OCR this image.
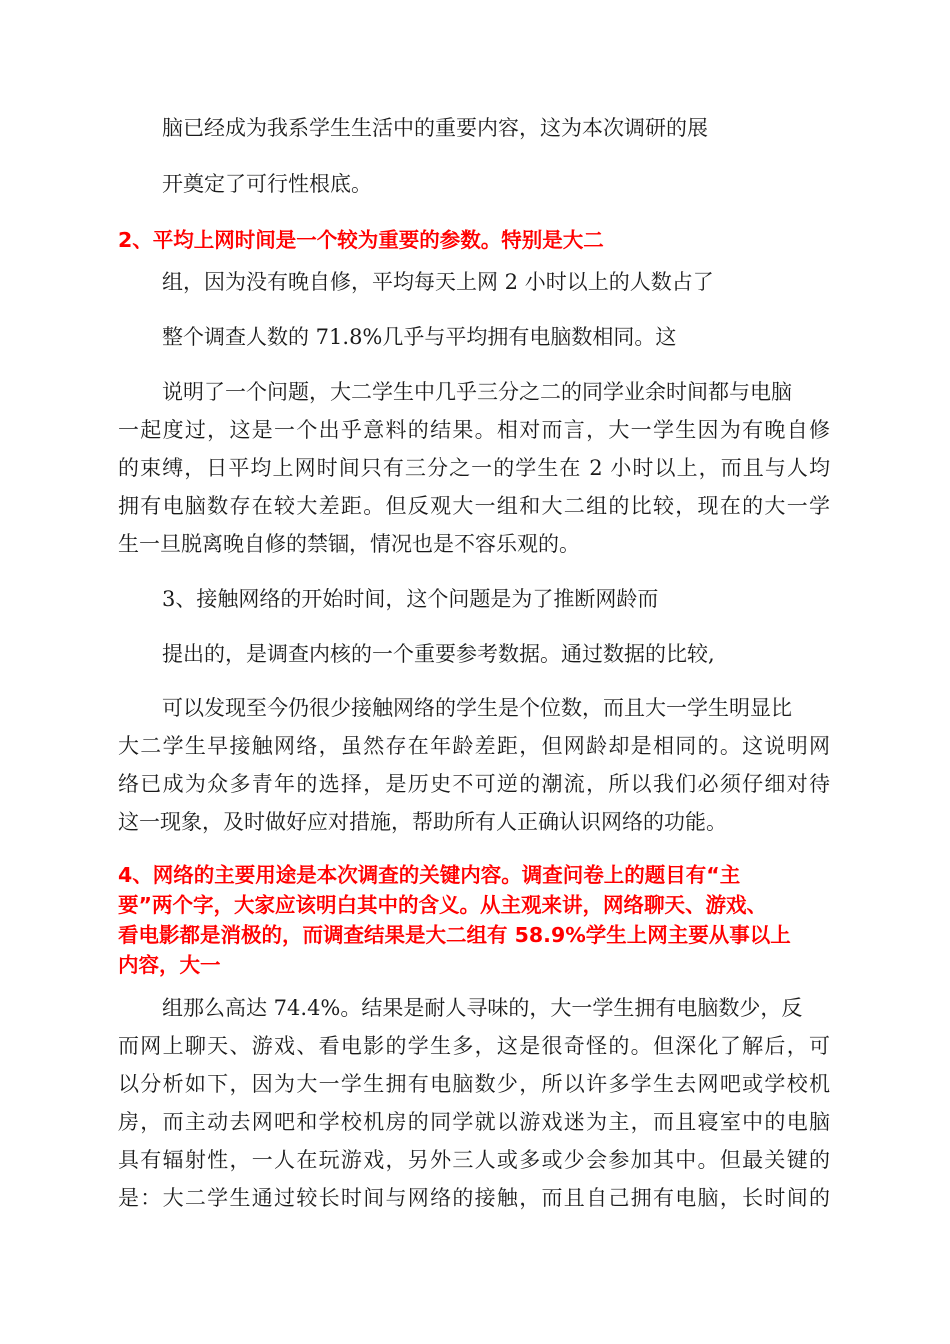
脑已经成为我系学生生活中的重要内容，这为本次调研的展
开奠定了可行性根底。
2、平均上网时间是一个较为重要的参数。特别是大二
组，因为没有晚自修，平均每天上网 2 小时以上的人数占了
整个调查人数的 71.8%几乎与平均拥有电脑数相同。这
说明了一个问题，大二学生中几乎三分之二的同学业余时间都与电脑
一起度过，这是一个出乎意料的结果。相对而言，大一学生因为有晚自修
的束缚，日平均上网时间只有三分之一的学生在 2 小时以上，而且与人均
拥有电脑数存在较大差距。但反观大一组和大二组的比较，现在的大一学
生一旦脱离晚自修的禁锢，情况也是不容乐观的。
3、接触网络的开始时间，这个问题是为了推断网龄而
提出的，是调查内核的一个重要参考数据。通过数据的比较,
可以发现至今仍很少接触网络的学生是个位数，而且大一学生明显比
大二学生早接触网络，虽然存在年龄差距，但网龄却是相同的。这说明网
络已成为众多青年的选择，是历史不可逆的潮流，所以我们必须仔细对待
这一现象，及时做好应对措施，帮助所有人正确认识网络的功能。
4、网络的主要用途是本次调查的关键内容。调查问卷上的题目有“主
要”两个字，大家应该明白其中的含义。从主观来讲，网络聊天、游戏、
看电影都是消极的，而调查结果是大二组有 58.9%学生上网主要从事以上
内容，大一
组那么高达 74.4%。结果是耐人寻味的，大一学生拥有电脑数少，反
而网上聊天、游戏、看电影的学生多，这是很奇怪的。但深化了解后，可
以分析如下，因为大一学生拥有电脑数少，所以许多学生去网吧或学校机
房，而主动去网吧和学校机房的同学就以游戏迷为主，而且寝室中的电脑
具有辐射性，一人在玩游戏，另外三人或多或少会参加其中。但最关键的
是：大二学生通过较长时间与网络的接触，而且自己拥有电脑，长时间的
